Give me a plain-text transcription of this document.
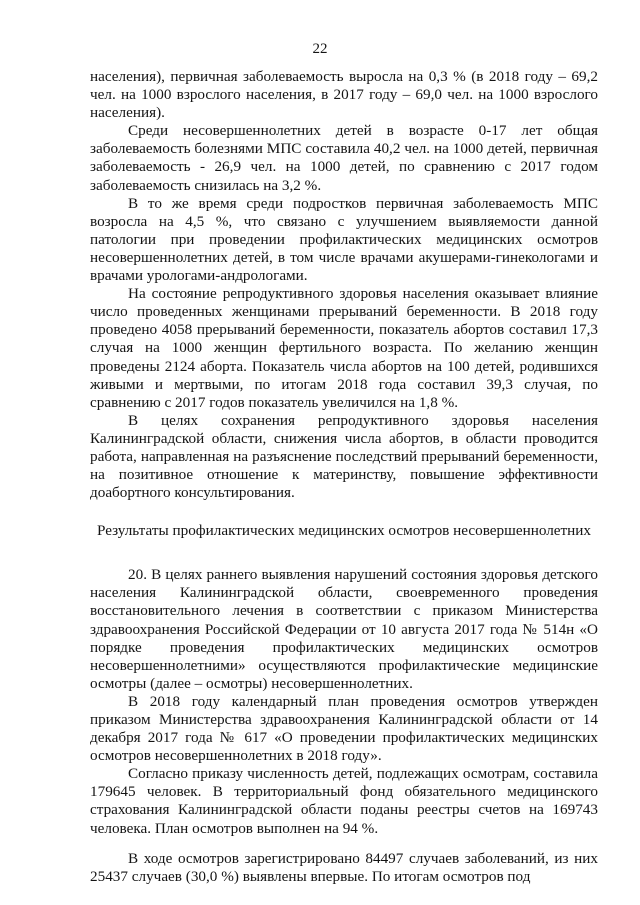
22

населения), первичная заболеваемость выросла на 0,3 % (в 2018 году – 69,2 чел. на 1000 взрослого населения, в 2017 году – 69,0 чел. на 1000 взрослого населения).

Среди несовершеннолетних детей в возрасте 0-17 лет общая заболеваемость болезнями МПС составила 40,2 чел. на 1000 детей, первичная заболеваемость - 26,9 чел. на 1000 детей, по сравнению с 2017 годом заболеваемость снизилась на 3,2 %.

В то же время среди подростков первичная заболеваемость МПС возросла на 4,5 %, что связано с улучшением выявляемости данной патологии при проведении профилактических медицинских осмотров несовершеннолетних детей, в том числе врачами акушерами-гинекологами и врачами урологами-андрологами.

На состояние репродуктивного здоровья населения оказывает влияние число проведенных женщинами прерываний беременности. В 2018 году проведено 4058 прерываний беременности, показатель абортов составил 17,3 случая на 1000 женщин фертильного возраста. По желанию женщин проведены 2124 аборта. Показатель числа абортов на 100 детей, родившихся живыми и мертвыми, по итогам 2018 года составил 39,3 случая, по сравнению с 2017 годов показатель увеличился на 1,8 %.

В целях сохранения репродуктивного здоровья населения Калининградской области, снижения числа абортов, в области проводится работа, направленная на разъяснение последствий прерываний беременности, на позитивное отношение к материнству, повышение эффективности доабортного консультирования.

Результаты профилактических медицинских осмотров несовершеннолетних

20. В целях раннего выявления нарушений состояния здоровья детского населения Калининградской области, своевременного проведения восстановительного лечения в соответствии с приказом Министерства здравоохранения Российской Федерации от 10 августа 2017 года № 514н «О порядке проведения профилактических медицинских осмотров несовершеннолетними» осуществляются профилактические медицинские осмотры (далее – осмотры) несовершеннолетних.

В 2018 году календарный план проведения осмотров утвержден приказом Министерства здравоохранения Калининградской области от 14 декабря 2017 года № 617 «О проведении профилактических медицинских осмотров несовершеннолетних в 2018 году».

Согласно приказу численность детей, подлежащих осмотрам, составила 179645 человек. В территориальный фонд обязательного медицинского страхования Калининградской области поданы реестры счетов на 169743 человека. План осмотров выполнен на 94 %.

В ходе осмотров зарегистрировано 84497 случаев заболеваний, из них 25437 случаев (30,0 %) выявлены впервые. По итогам осмотров под
